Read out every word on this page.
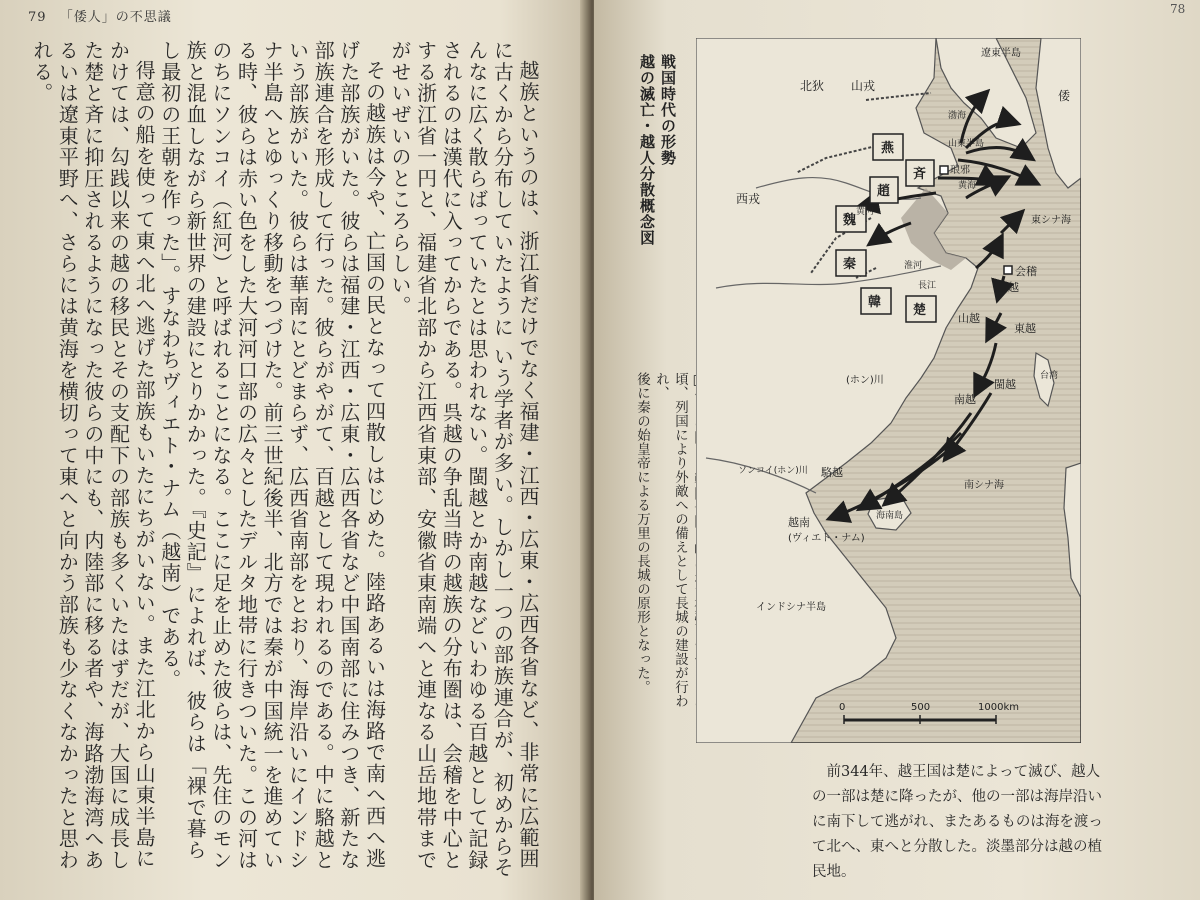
79 「倭人」の不思議

越族というのは、浙江省だけでなく福建・江西・広東・広西各省など、非常に広範囲に古くから分布していたように いう学者が多い。しかし一つの部族連合が、初めからそんなに広く散らばっていたとは思われない。閩越とか南越などいわゆる百越として記録されるのは漢代に入ってからである。呉越の争乱当時の越族の分布圏は、会稽を中心とする浙江省一円と、福建省北部から江西省東部、安徽省東南端へと連なる山岳地帯までがせいぜいのところらしい。

その越族は今や、亡国の民となって四散しはじめた。陸路あるいは海路で南へ西へ逃げた部族がいた。彼らは福建・江西・広東・広西各省など中国南部に住みつき、新たな部族連合を形成して行った。彼らがやがて、百越として現われるのである。中に駱越という部族がいた。彼らは華南にとどまらず、広西省南部をとおり、海岸沿いにインドシナ半島へとゆっくり移動をつづけた。前三世紀後半、北方では秦が中国統一を進めている時、彼らは赤い色をした大河河口部の広々としたデルタ地帯に行きついた。この河はのちにソンコイ（紅河）と呼ばれることになる。ここに足を止めた彼らは、先住のモン族と混血しながら新世界の建設にとりかかった。『史記』によれば、彼らは「裸で暮らし最初の王朝を作った」。すなわちヴィエト・ナム（越南）である。

得意の船を使って東へ北へ逃げた部族もいたにちがいない。また江北から山東半島にかけては、勾践以来の越の移民とその支配下の部族も多くいたはずだが、大国に成長した楚と斉に抑圧されるようになった彼らの中にも、内陸部に移る者や、海路渤海湾へあるいは遼東平野へ、さらには黄海を横切って東へと向かう部族も少なくなかったと思われる。

78
戦国時代の形勢
越の滅亡・越人分散概念図
頃、列国により外敵への備えとして長城の建設が行われ、
後に秦の始皇帝による万里の長城の原形となった。
山戎
遼東半島
北狄
倭
渤海
燕
趙
斉 琅邪
山東半島
黄河
黄海
西戎
魏
秦
韓
楚
淮河
長江
東シナ海
会稽
越
山越
東越
閩越
台湾
南越
(ホン)川
ソンコイ(ホン)川 駱越
越南
(ヴィエト・ナム)
海南島
南シナ海
インドシナ半島
0	500	1000km

前344年、越王国は楚によって滅び、越人の一部は楚に降ったが、他の一部は海岸沿いに南下して逃がれ、またあるものは海を渡って北へ、東へと分散した。淡墨部分は越の植民地。
